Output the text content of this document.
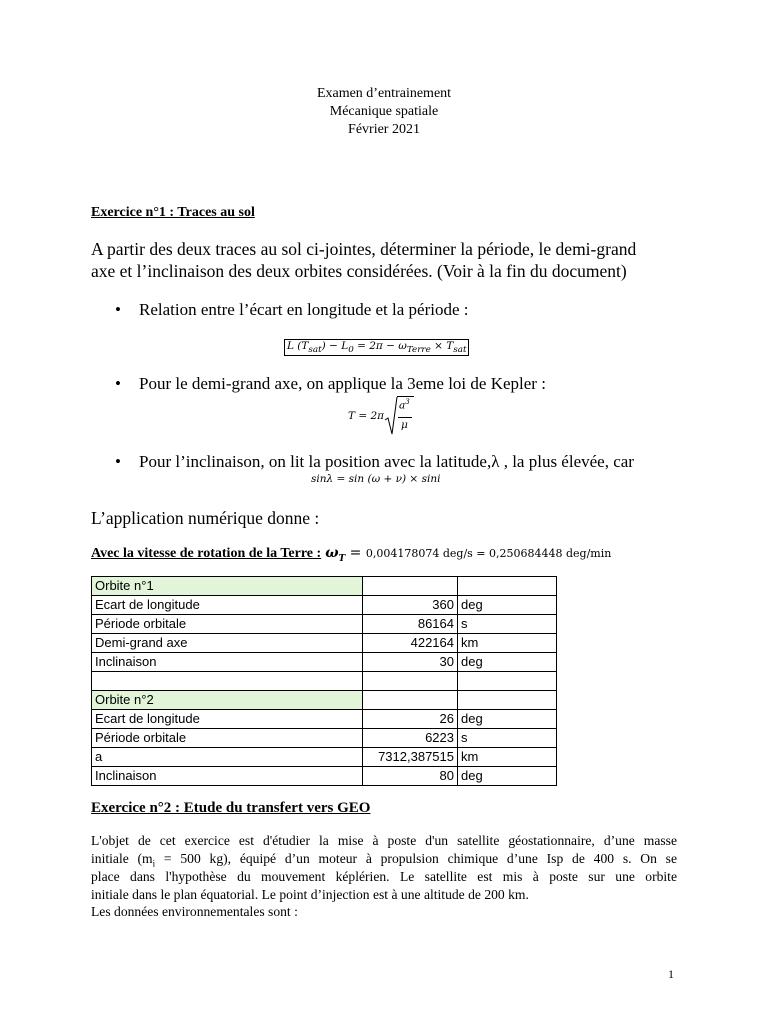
Examen d’entrainement
Mécanique spatiale
Février 2021
Exercice n°1 : Traces au sol
A partir des deux traces au sol ci-jointes, déterminer la période, le demi-grand
axe et l’inclinaison des deux orbites considérées. (Voir à la fin du document)
• Relation entre l’écart en longitude et la période :
L $(T_{sat}) - L_0 = 2\pi - \omega_{Terre} \times T_{sat}$
• Pour le demi-grand axe, on applique la 3eme loi de Kepler :
T = 2π
$a^3$
μ
• Pour l’inclinaison, on lit la position avec la latitude,λ , la plus élevée, car
sinλ = sin (ω + ν) × sini
L’application numérique donne :
Avec la vitesse de rotation de la Terre : $\omega_T = 0,004178074$ deg/s = 0,250684448 deg/min
Orbite n°1		
Ecart de longitude	360	deg
Période orbitale	86164	s
Demi-grand axe	422164	km
Inclinaison	30	deg

Orbite n°2		
Ecart de longitude	26	deg
Période orbitale	6223	s
a	7312,387515	km
Inclinaison	80	deg
Exercice n°2 : Etude du transfert vers GEO
L'objet de cet exercice est d'étudier la mise à poste d'un satellite géostationnaire, d’une masse
initiale ($m_i = 500$ kg), équipé d’un moteur à propulsion chimique d’une Isp de 400 s. On se
place dans l'hypothèse du mouvement képlérien. Le satellite est mis à poste sur une orbite
initiale dans le plan équatorial. Le point d’injection est à une altitude de 200 km.
Les données environnementales sont :
1
